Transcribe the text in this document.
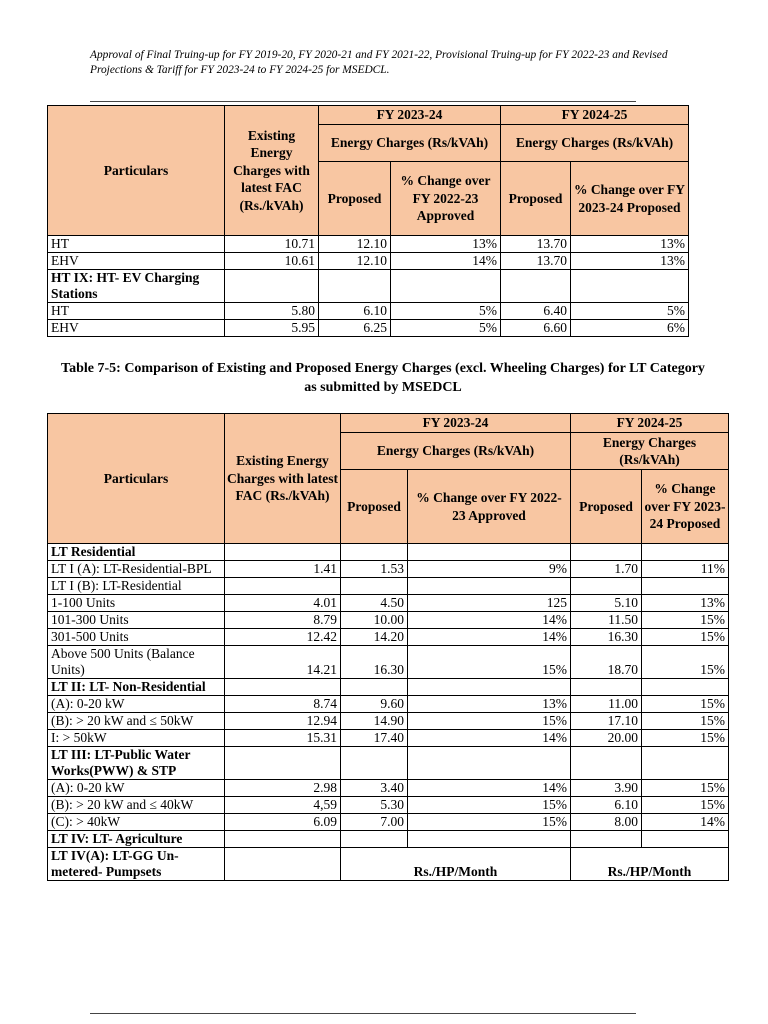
Approval of Final Truing-up for FY 2019-20, FY 2020-21 and FY 2021-22, Provisional Truing-up for FY 2022-23 and Revised Projections & Tariff for FY 2023-24 to FY 2024-25 for MSEDCL.
Particulars	Existing Energy Charges with latest FAC (Rs./kVAh)	FY 2023-24		FY 2024-25	
		Energy Charges (Rs/kVAh)		Energy Charges (Rs/kVAh)	
		Proposed	% Change over FY 2022-23 Approved	Proposed	% Change over FY 2023-24 Proposed
HT	10.71	12.10	13%	13.70	13%
EHV	10.61	12.10	14%	13.70	13%
HT IX: HT- EV Charging Stations					
HT	5.80	6.10	5%	6.40	5%
EHV	5.95	6.25	5%	6.60	6%
Table 7-5: Comparison of Existing and Proposed Energy Charges (excl. Wheeling Charges) for LT Category as submitted by MSEDCL
Particulars	Existing Energy Charges with latest FAC (Rs./kVAh)	FY 2023-24		FY 2024-25	
		Energy Charges (Rs/kVAh)		Energy Charges (Rs/kVAh)	
		Proposed	% Change over FY 2022-23 Approved	Proposed	% Change over FY 2023-24 Proposed
LT Residential					
LT I (A): LT-Residential-BPL	1.41	1.53	9%	1.70	11%
LT I (B): LT-Residential					
1-100 Units	4.01	4.50	125	5.10	13%
101-300 Units	8.79	10.00	14%	11.50	15%
301-500 Units	12.42	14.20	14%	16.30	15%
Above 500 Units (Balance Units)	14.21	16.30	15%	18.70	15%
LT II: LT- Non-Residential					
(A): 0-20 kW	8.74	9.60	13%	11.00	15%
(B): > 20 kW and ≤ 50kW	12.94	14.90	15%	17.10	15%
I: > 50kW	15.31	17.40	14%	20.00	15%
LT III: LT-Public Water Works(PWW) & STP					
(A): 0-20 kW	2.98	3.40	14%	3.90	15%
(B): > 20 kW and ≤ 40kW	4,59	5.30	15%	6.10	15%
(C): > 40kW	6.09	7.00	15%	8.00	14%
LT IV: LT- Agriculture					
LT IV(A): LT-GG Un-metered- Pumpsets		Rs./HP/Month		Rs./HP/Month	
